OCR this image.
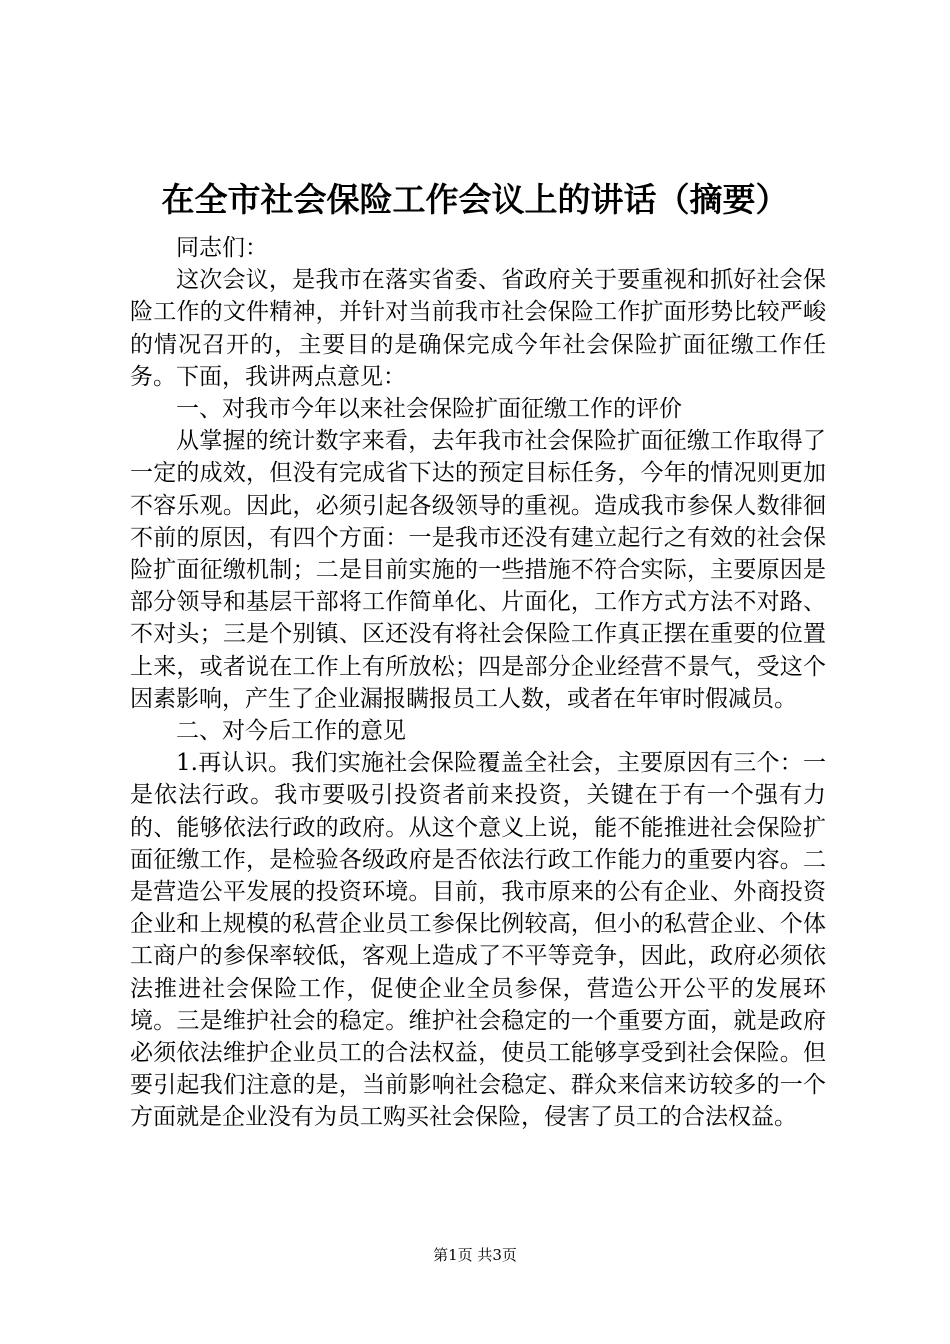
在全市社会保险工作会议上的讲话（摘要）

同志们：

这次会议，是我市在落实省委、省政府关于要重视和抓好社会保险工作的文件精神，并针对当前我市社会保险工作扩面形势比较严峻的情况召开的，主要目的是确保完成今年社会保险扩面征缴工作任务。下面，我讲两点意见：

一、对我市今年以来社会保险扩面征缴工作的评价

从掌握的统计数字来看，去年我市社会保险扩面征缴工作取得了一定的成效，但没有完成省下达的预定目标任务，今年的情况则更加不容乐观。因此，必须引起各级领导的重视。造成我市参保人数徘徊不前的原因，有四个方面：一是我市还没有建立起行之有效的社会保险扩面征缴机制；二是目前实施的一些措施不符合实际，主要原因是部分领导和基层干部将工作简单化、片面化，工作方式方法不对路、不对头；三是个别镇、区还没有将社会保险工作真正摆在重要的位置上来，或者说在工作上有所放松；四是部分企业经营不景气，受这个因素影响，产生了企业漏报瞒报员工人数，或者在年审时假减员。

二、对今后工作的意见

1.再认识。我们实施社会保险覆盖全社会，主要原因有三个：一是依法行政。我市要吸引投资者前来投资，关键在于有一个强有力的、能够依法行政的政府。从这个意义上说，能不能推进社会保险扩面征缴工作，是检验各级政府是否依法行政工作能力的重要内容。二是营造公平发展的投资环境。目前，我市原来的公有企业、外商投资企业和上规模的私营企业员工参保比例较高，但小的私营企业、个体工商户的参保率较低，客观上造成了不平等竞争，因此，政府必须依法推进社会保险工作，促使企业全员参保，营造公开公平的发展环境。三是维护社会的稳定。维护社会稳定的一个重要方面，就是政府必须依法维护企业员工的合法权益，使员工能够享受到社会保险。但要引起我们注意的是，当前影响社会稳定、群众来信来访较多的一个方面就是企业没有为员工购买社会保险，侵害了员工的合法权益。

第1页 共3页
